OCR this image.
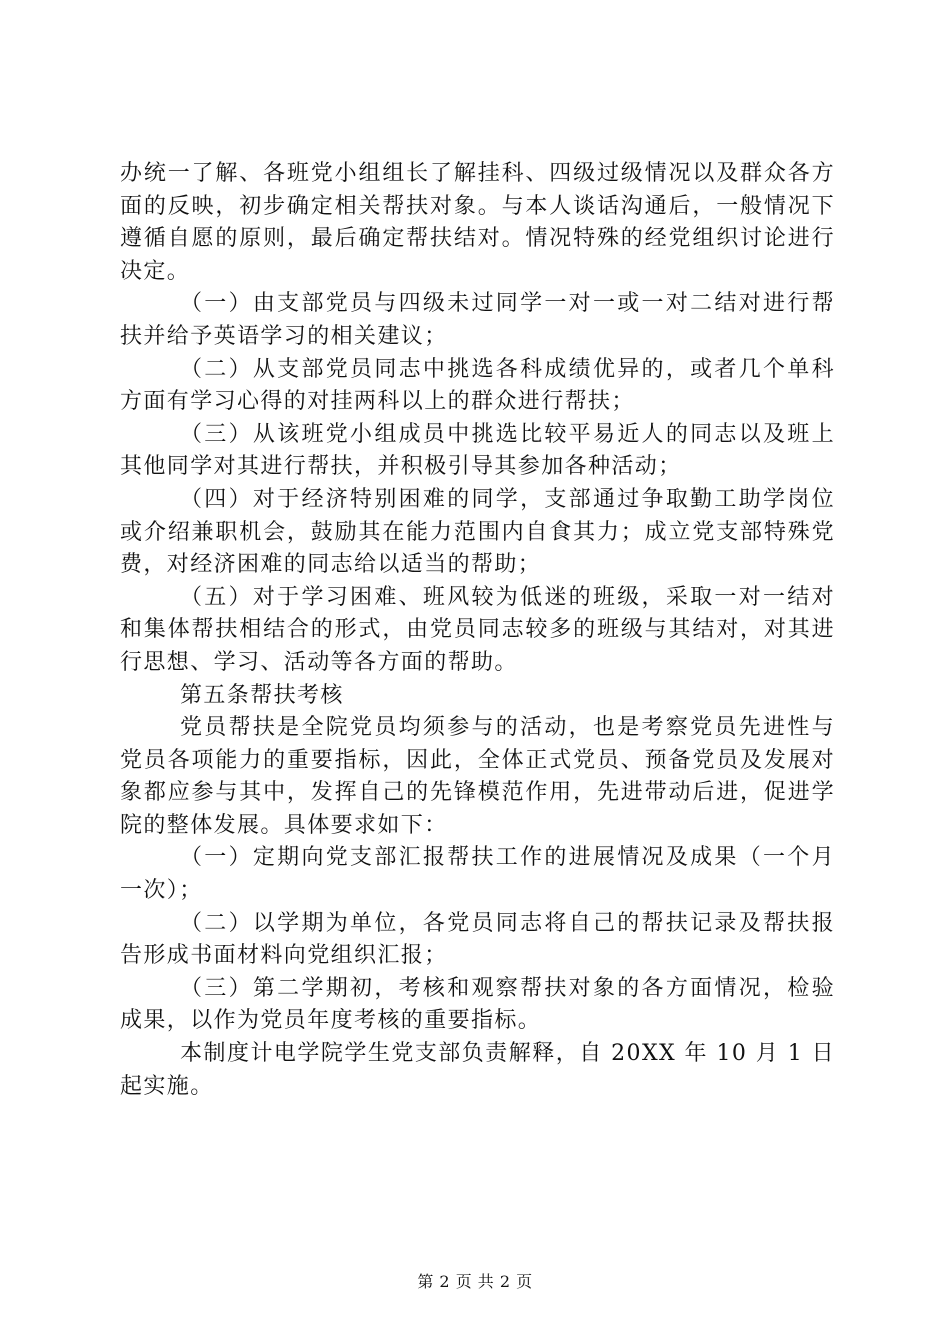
办统一了解、各班党小组组长了解挂科、四级过级情况以及群众各方面的反映，初步确定相关帮扶对象。与本人谈话沟通后，一般情况下遵循自愿的原则，最后确定帮扶结对。情况特殊的经党组织讨论进行决定。

（一）由支部党员与四级未过同学一对一或一对二结对进行帮扶并给予英语学习的相关建议；

（二）从支部党员同志中挑选各科成绩优异的，或者几个单科方面有学习心得的对挂两科以上的群众进行帮扶；

（三）从该班党小组成员中挑选比较平易近人的同志以及班上其他同学对其进行帮扶，并积极引导其参加各种活动；

（四）对于经济特别困难的同学，支部通过争取勤工助学岗位或介绍兼职机会，鼓励其在能力范围内自食其力；成立党支部特殊党费，对经济困难的同志给以适当的帮助；

（五）对于学习困难、班风较为低迷的班级，采取一对一结对和集体帮扶相结合的形式，由党员同志较多的班级与其结对，对其进行思想、学习、活动等各方面的帮助。

第五条帮扶考核

党员帮扶是全院党员均须参与的活动，也是考察党员先进性与党员各项能力的重要指标，因此，全体正式党员、预备党员及发展对象都应参与其中，发挥自己的先锋模范作用，先进带动后进，促进学院的整体发展。具体要求如下：

（一）定期向党支部汇报帮扶工作的进展情况及成果（一个月一次）；

（二）以学期为单位，各党员同志将自己的帮扶记录及帮扶报告形成书面材料向党组织汇报；

（三）第二学期初，考核和观察帮扶对象的各方面情况，检验成果，以作为党员年度考核的重要指标。

本制度计电学院学生党支部负责解释，自 20XX 年 10 月 1 日起实施。

第 2 页 共 2 页
